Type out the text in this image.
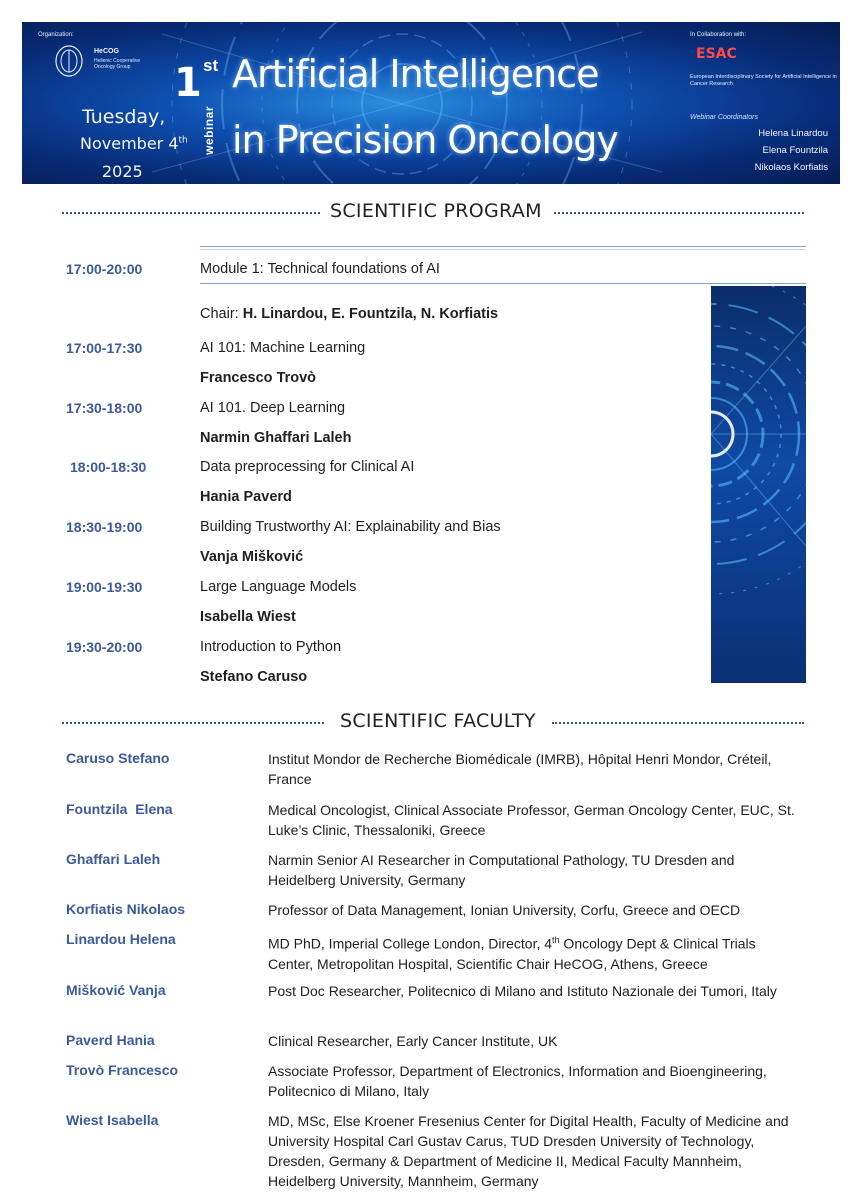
Organization:
HeCOG
Hellenic Cooperative Oncology Group
Tuesday,
November 4th
2025
1 st
webinar
Artificial Intelligence
in Precision Oncology
In Collaboration with:
ESAC
European Interdisciplinary Society for Artificial Intelligence in Cancer Research
Webinar Coordinators
Helena Linardou
Elena Fountzila
Nikolaos Korfiatis
SCIENTIFIC PROGRAM
17:00-20:00	Module 1: Technical foundations of AI
Chair: H. Linardou, E. Fountzila, N. Korfiatis
17:00-17:30	AI 101: Machine Learning
Francesco Trovò
17:30-18:00	AI 101. Deep Learning
Narmin Ghaffari Laleh
18:00-18:30	Data preprocessing for Clinical AI
Hania Paverd
18:30-19:00	Building Trustworthy AI: Explainability and Bias
Vanja Mišković
19:00-19:30	Large Language Models
Isabella Wiest
19:30-20:00	Introduction to Python
Stefano Caruso
SCIENTIFIC FACULTY
Caruso Stefano	Institut Mondor de Recherche Biomédicale (IMRB), Hôpital Henri Mondor, Créteil, France
Fountzila  Elena	Medical Oncologist, Clinical Associate Professor, German Oncology Center, EUC, St. Luke’s Clinic, Thessaloniki, Greece
Ghaffari Laleh	Narmin Senior AI Researcher in Computational Pathology, TU Dresden and Heidelberg University, Germany
Korfiatis Nikolaos	Professor of Data Management, Ionian University, Corfu, Greece and OECD
Linardou Helena	MD PhD, Imperial College London, Director, 4th Oncology Dept & Clinical Trials Center, Metropolitan Hospital, Scientific Chair HeCOG, Athens, Greece
Mišković Vanja	Post Doc Researcher, Politecnico di Milano and Istituto Nazionale dei Tumori, Italy
Paverd Hania	Clinical Researcher, Early Cancer Institute, UK
Trovò Francesco	Associate Professor, Department of Electronics, Information and Bioengineering, Politecnico di Milano, Italy
Wiest Isabella	MD, MSc, Else Kroener Fresenius Center for Digital Health, Faculty of Medicine and University Hospital Carl Gustav Carus, TUD Dresden University of Technology, Dresden, Germany & Department of Medicine II, Medical Faculty Mannheim, Heidelberg University, Mannheim, Germany
